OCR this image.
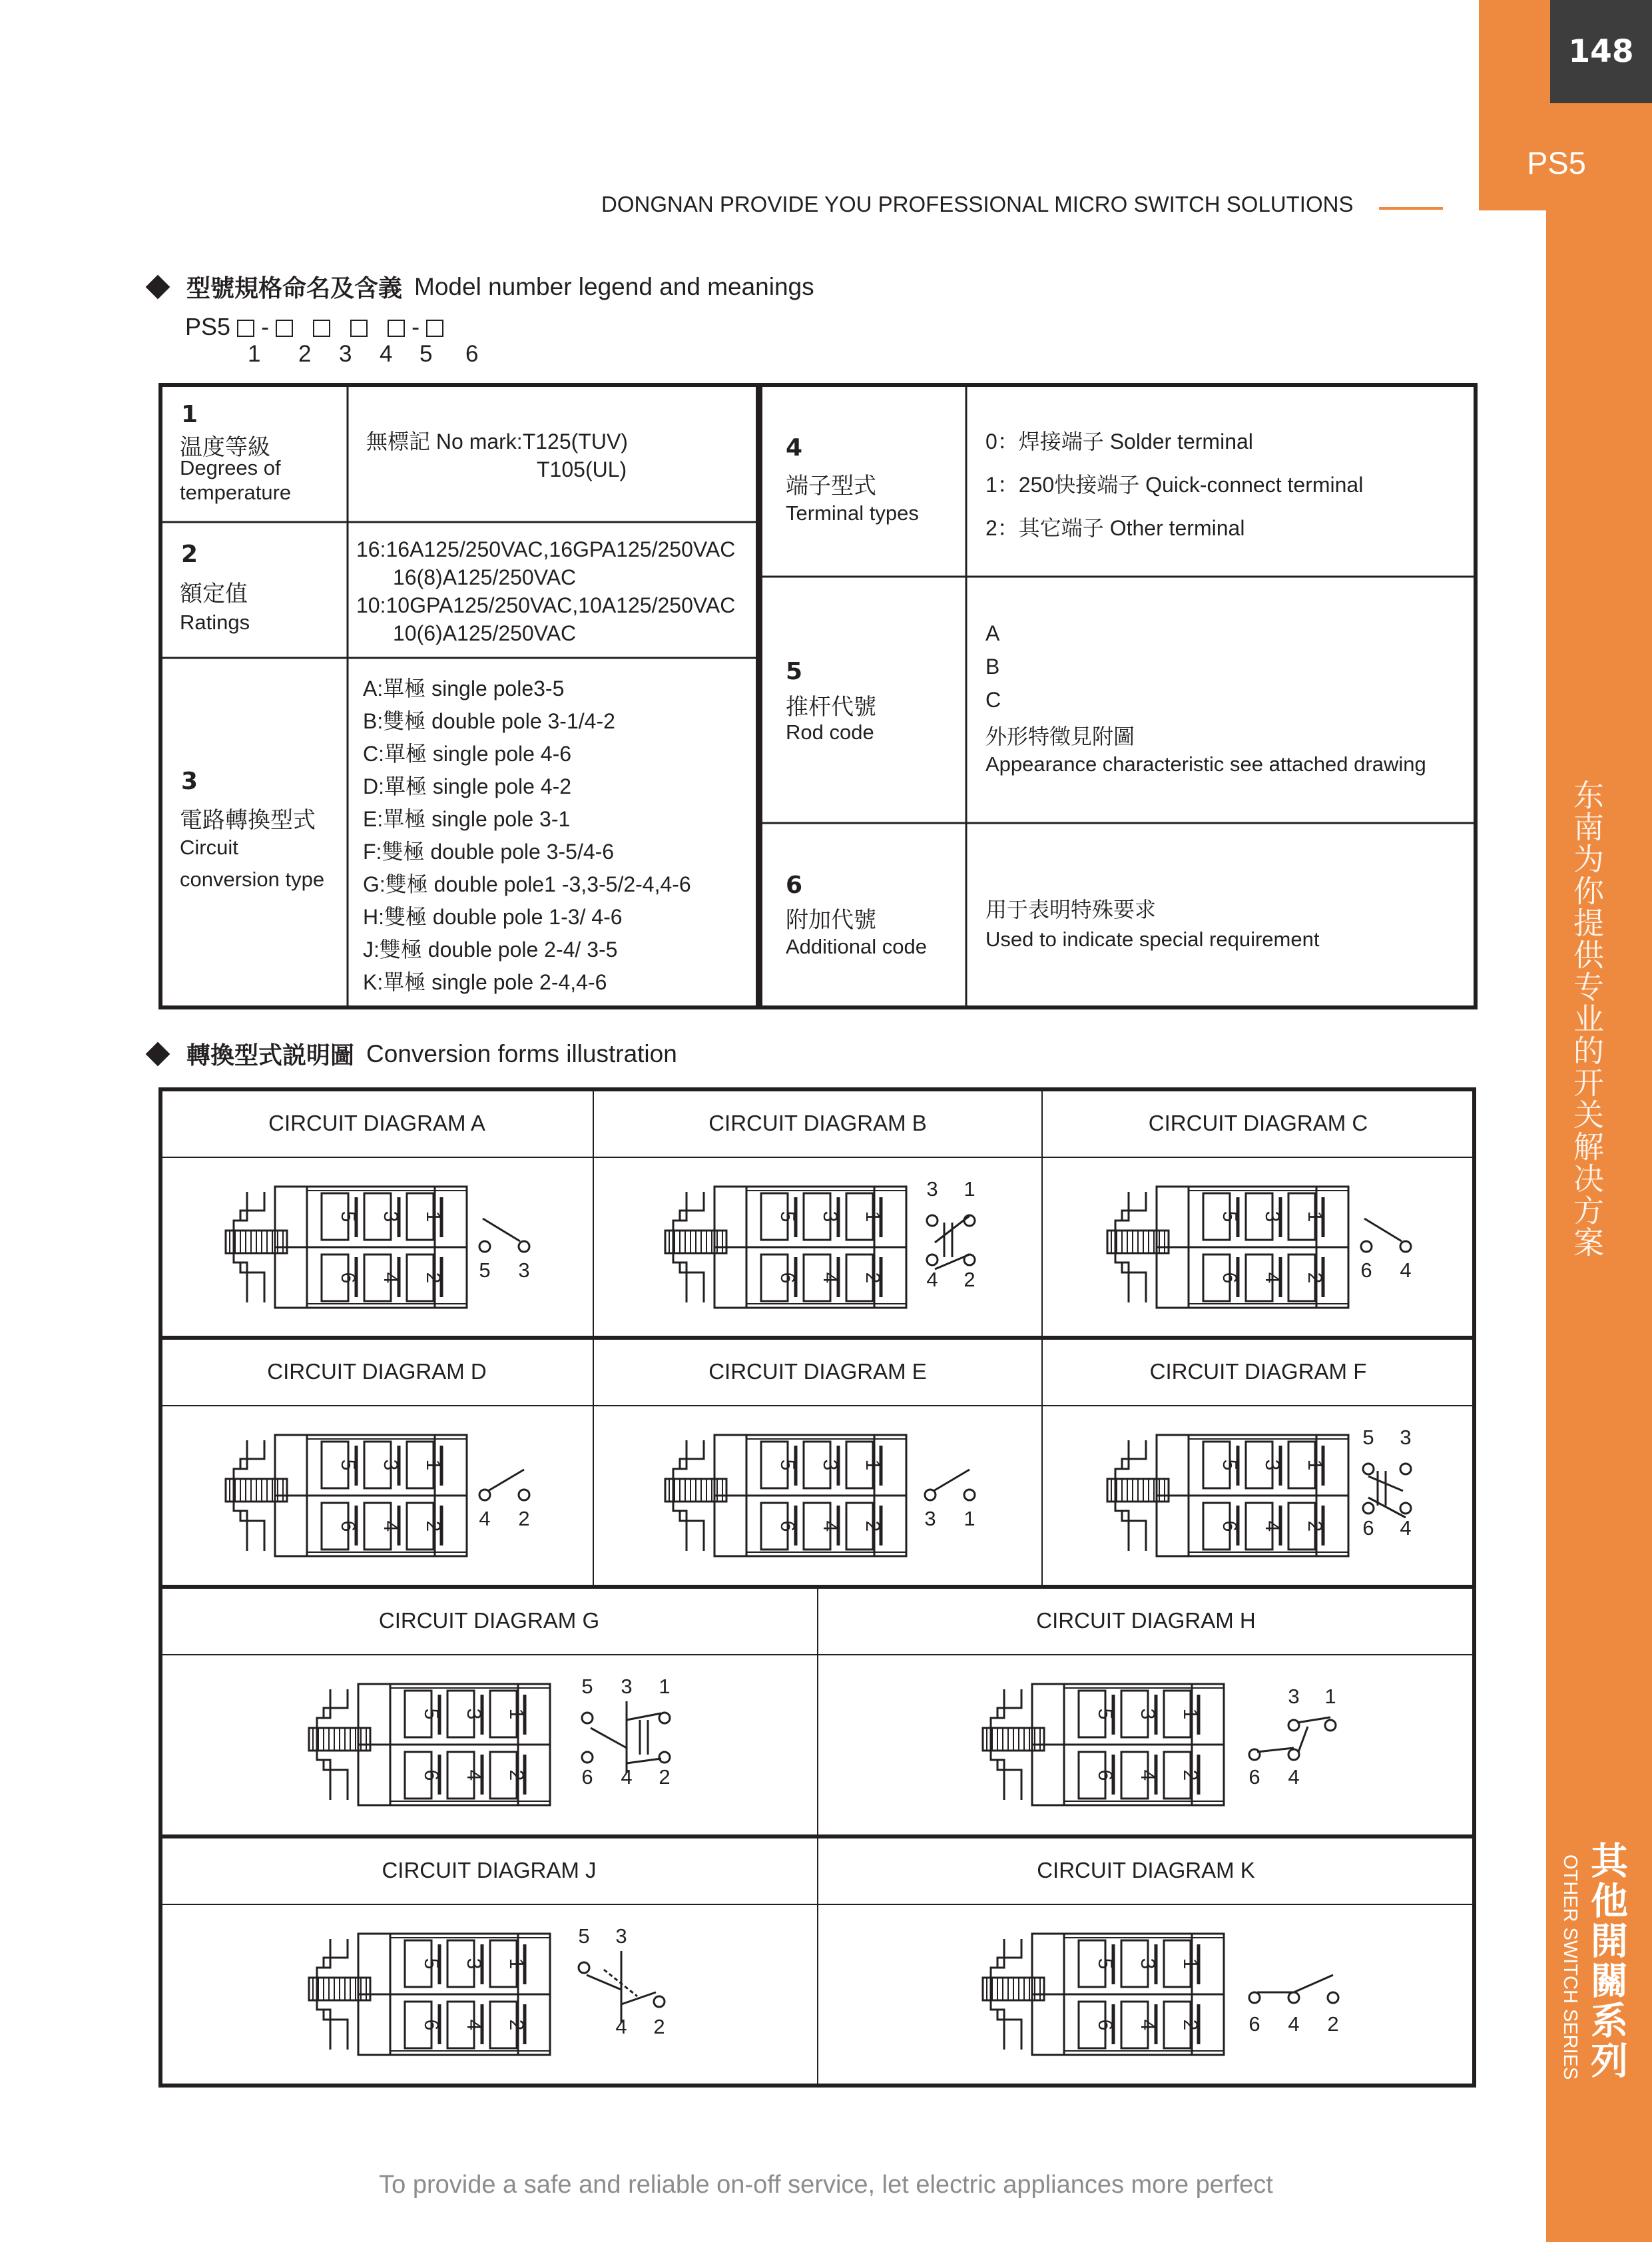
148
PS5
东南为你提供专业的开关解决方案
其他開關系列
OTHER SWITCH SERIES
DONGNAN PROVIDE YOU PROFESSIONAL MICRO SWITCH SOLUTIONS
型號規格命名及含義 Model number legend and meanings
PS5 -	-
1 2 3 4 5 6
1
温度等級
Degrees of
temperature
無標記 No mark:T125(TUV)
T105(UL)
2
額定值
Ratings
16:16A125/250VAC,16GPA125/250VAC
16(8)A125/250VAC
10:10GPA125/250VAC,10A125/250VAC
10(6)A125/250VAC
3
電路轉換型式
Circuit
conversion type
A:單極 single pole3-5
B:雙極 double pole 3-1/4-2
C:單極 single pole 4-6
D:單極 single pole 4-2
E:單極 single pole 3-1
F:雙極 double pole 3-5/4-6
G:雙極 double pole1 -3,3-5/2-4,4-6
H:雙極 double pole 1-3/ 4-6
J:雙極 double pole 2-4/ 3-5
K:單極 single pole 2-4,4-6
4
端子型式
Terminal types
0：焊接端子 Solder terminal
1：250快接端子 Quick-connect terminal
2：其它端子 Other terminal
5
推杆代號
Rod code
A
B
C
外形特徵見附圖
Appearance characteristic see attached drawing
6
附加代號
Additional code
用于表明特殊要求
Used to indicate special requirement
轉換型式説明圖 Conversion forms illustration
CIRCUIT DIAGRAM A
5 3 1
6 4 2 5 3
CIRCUIT DIAGRAM B
5 3 1
6 4 2
3 1
4 2
CIRCUIT DIAGRAM C
5 3 1
6 4 2 6 4
CIRCUIT DIAGRAM D
5 3 1
6 4 2 4 2
CIRCUIT DIAGRAM E
5 3 1
6 4 2 3 1
CIRCUIT DIAGRAM F
5 3 1
6 4 2
5 3
6 4
CIRCUIT DIAGRAM G
5 3 1
6 4 2
5 3 1
6 4 2
CIRCUIT DIAGRAM H
5 3 1
6 4 2
3 1
6 4
CIRCUIT DIAGRAM J
5 3 1
6 4 2
5 3
4 2
CIRCUIT DIAGRAM K
5 3 1
6 4 2 6 4 2
To provide a safe and reliable on-off service, let electric appliances more perfect
